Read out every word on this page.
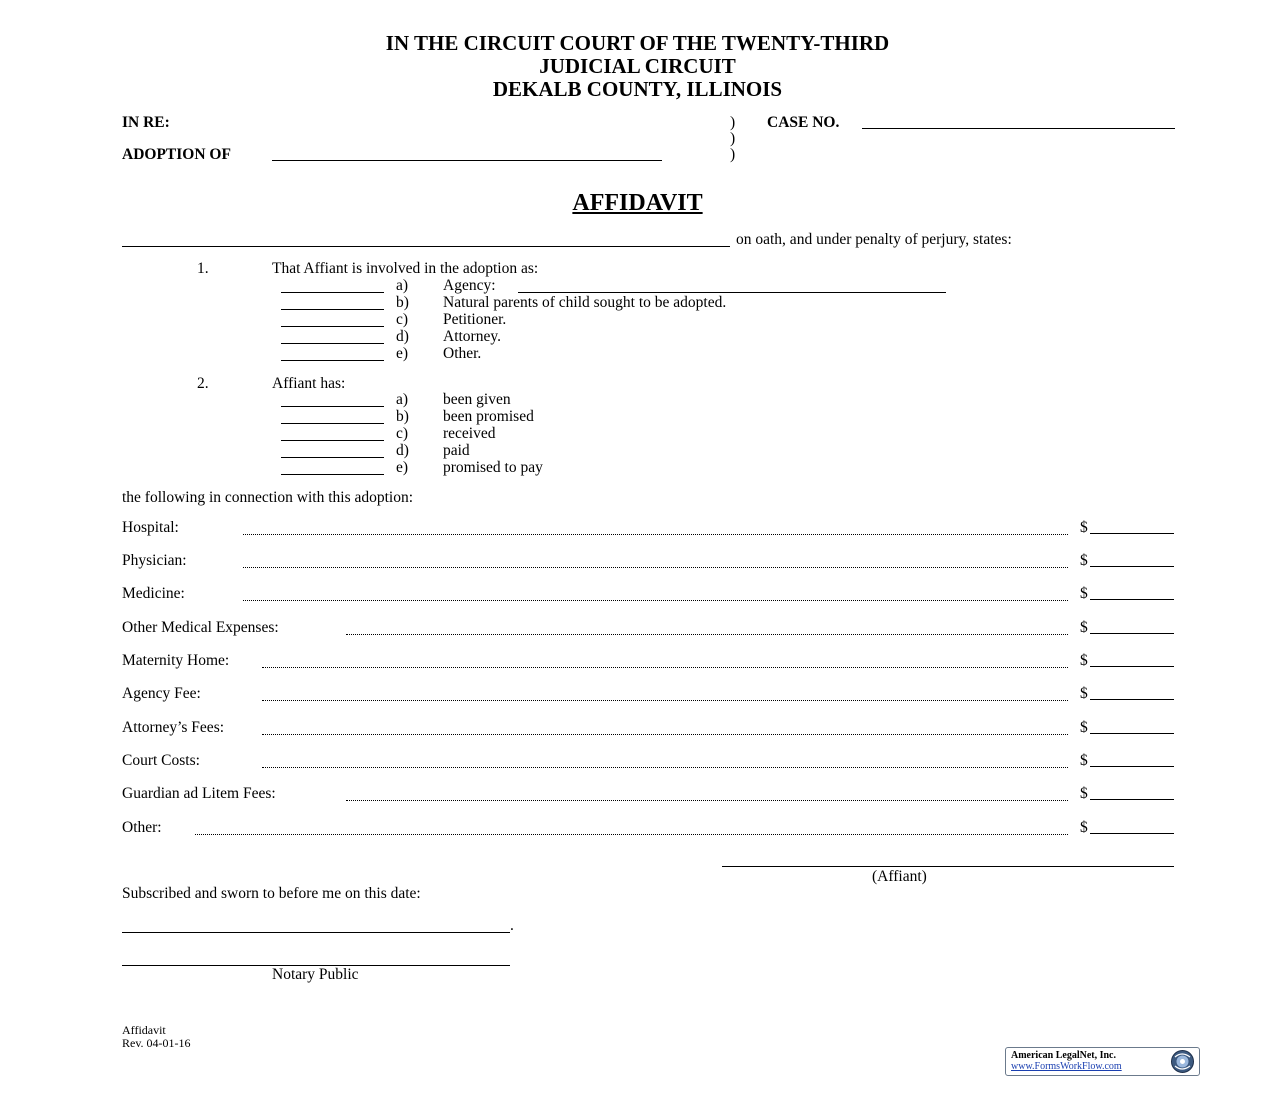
IN THE CIRCUIT COURT OF THE TWENTY-THIRD
JUDICIAL CIRCUIT
DEKALB COUNTY, ILLINOIS
IN RE:
ADOPTION OF
)
)
)
CASE NO.
AFFIDAVIT
on oath, and under penalty of perjury, states:
1.	That Affiant is involved in the adoption as:
a) Agency:
b) Natural parents of child sought to be adopted.
c) Petitioner.
d) Attorney.
e) Other.
2.	Affiant has:
a) been given
b) been promised
c) received
d) paid
e) promised to pay
the following in connection with this adoption:
Hospital:	$
Physician:	$
Medicine:	$
Other Medical Expenses:	$
Maternity Home:	$
Agency Fee:	$
Attorney’s Fees:	$
Court Costs:	$
Guardian ad Litem Fees:	$
Other:	$
(Affiant)
Subscribed and sworn to before me on this date:
.
Notary Public
Affidavit
Rev. 04-01-16
American LegalNet, Inc.
www.FormsWorkFlow.com
